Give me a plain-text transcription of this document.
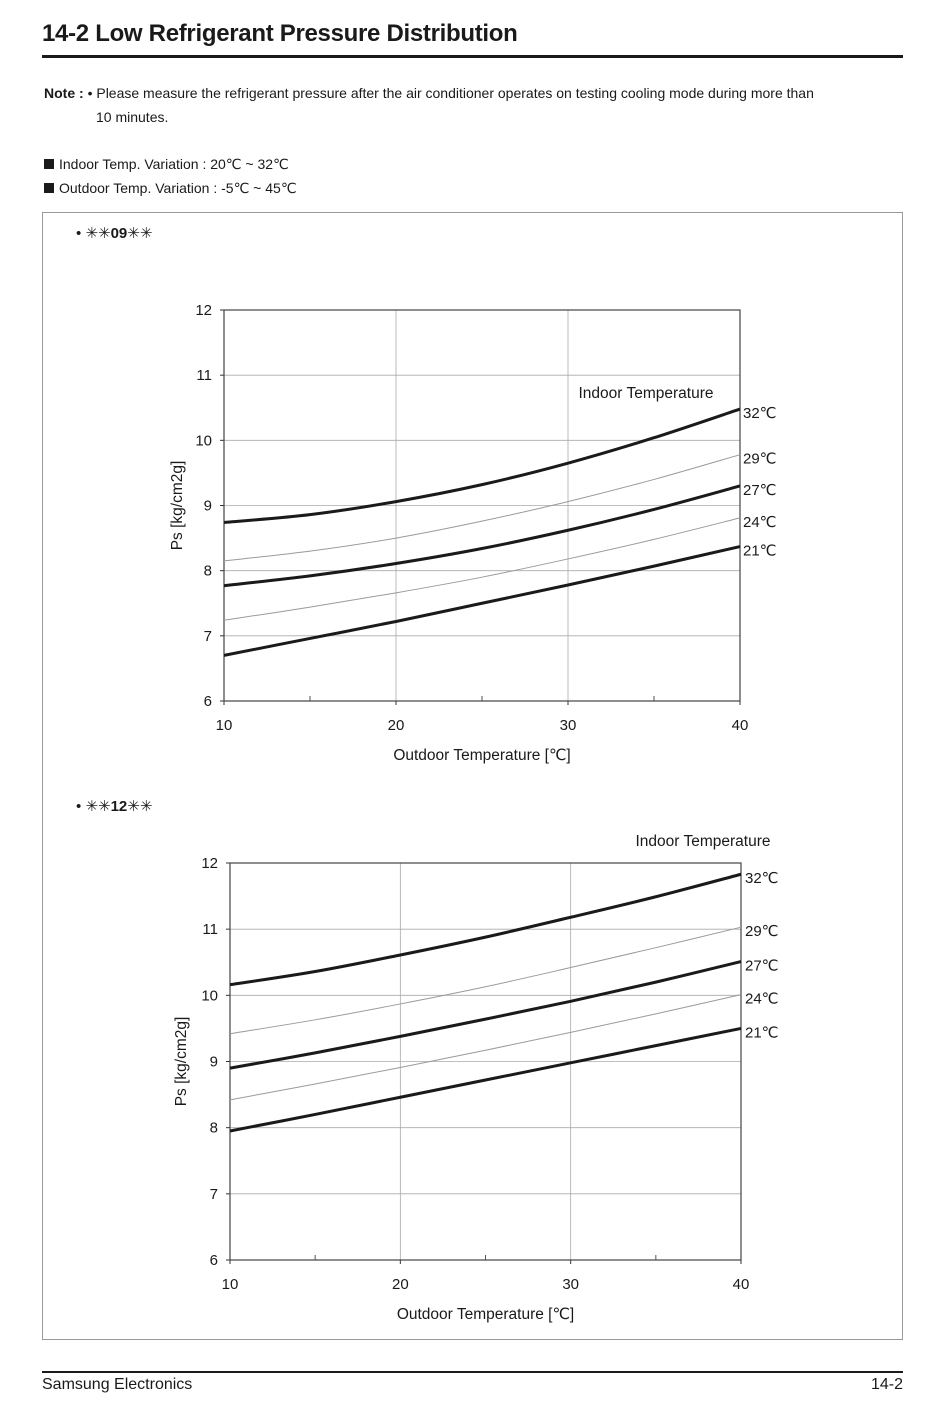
14-2 Low Refrigerant Pressure Distribution
Note : • Please measure the refrigerant pressure after the air conditioner operates on testing cooling mode during more than
10 minutes.
Indoor Temp. Variation : 20℃ ~ 32℃
Outdoor Temp. Variation : -5℃ ~ 45℃
• ✳✳09✳✳
• ✳✳12✳✳
10	20	30	40
6
7
8
9
10
11
12
Outdoor Temperature [℃]
Ps [kg/cm2g]
Indoor Temperature
32℃
29℃
27℃
24℃
21℃
10	20	30	40
6
7
8
9
10
11
12
Outdoor Temperature [℃]
Ps [kg/cm2g]
Indoor Temperature
32℃
29℃
27℃
24℃
21℃
Samsung Electronics	14-2
